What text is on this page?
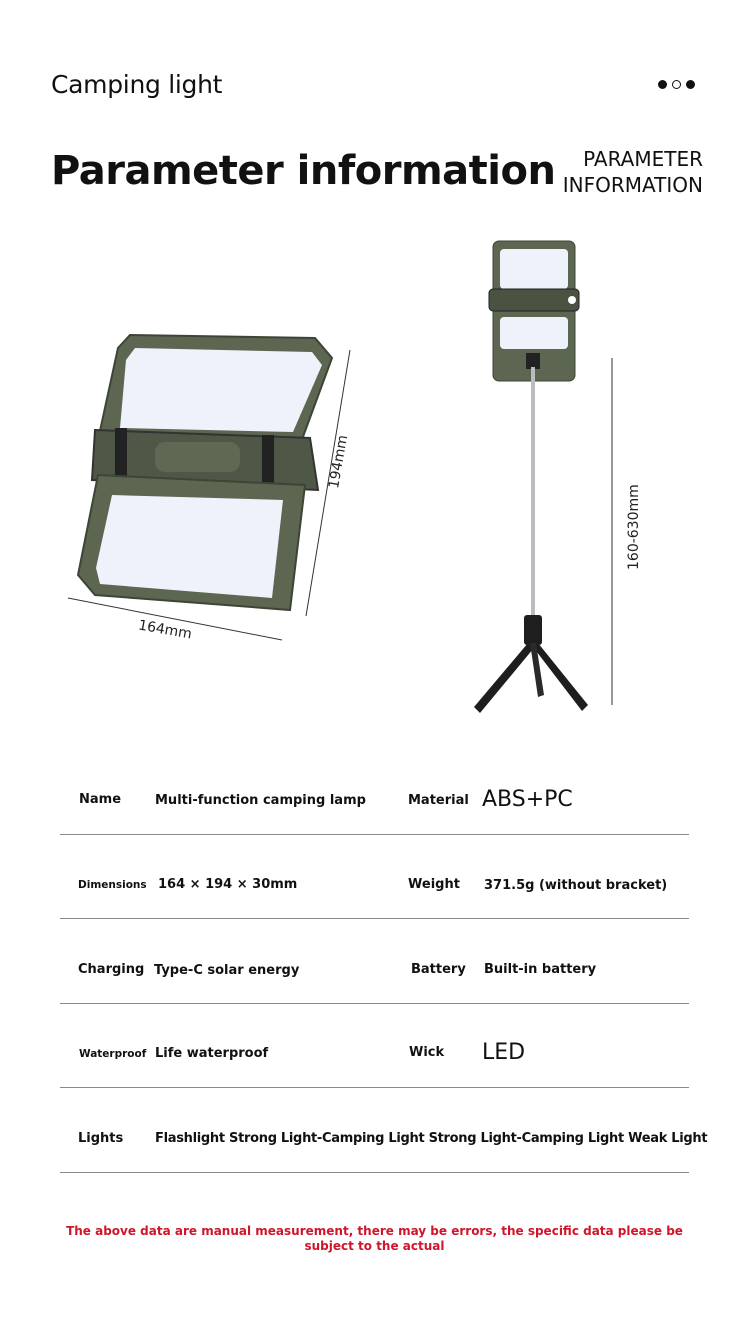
Camping light
Parameter information	PARAMETER
INFORMATION
194mm
164mm
160-630mm
Name	Multi-function camping lamp	Material ABS+PC
Dimensions 164 × 194 × 30mm	Weight 371.5g (without bracket)
Charging Type-C solar energy	Battery Built-in battery
Waterproof Life waterproof	Wick LED
Lights Flashlight Strong Light-Camping Light Strong Light-Camping Light Weak Light
The above data are manual measurement, there may be errors, the specific data please be subject to the actual
